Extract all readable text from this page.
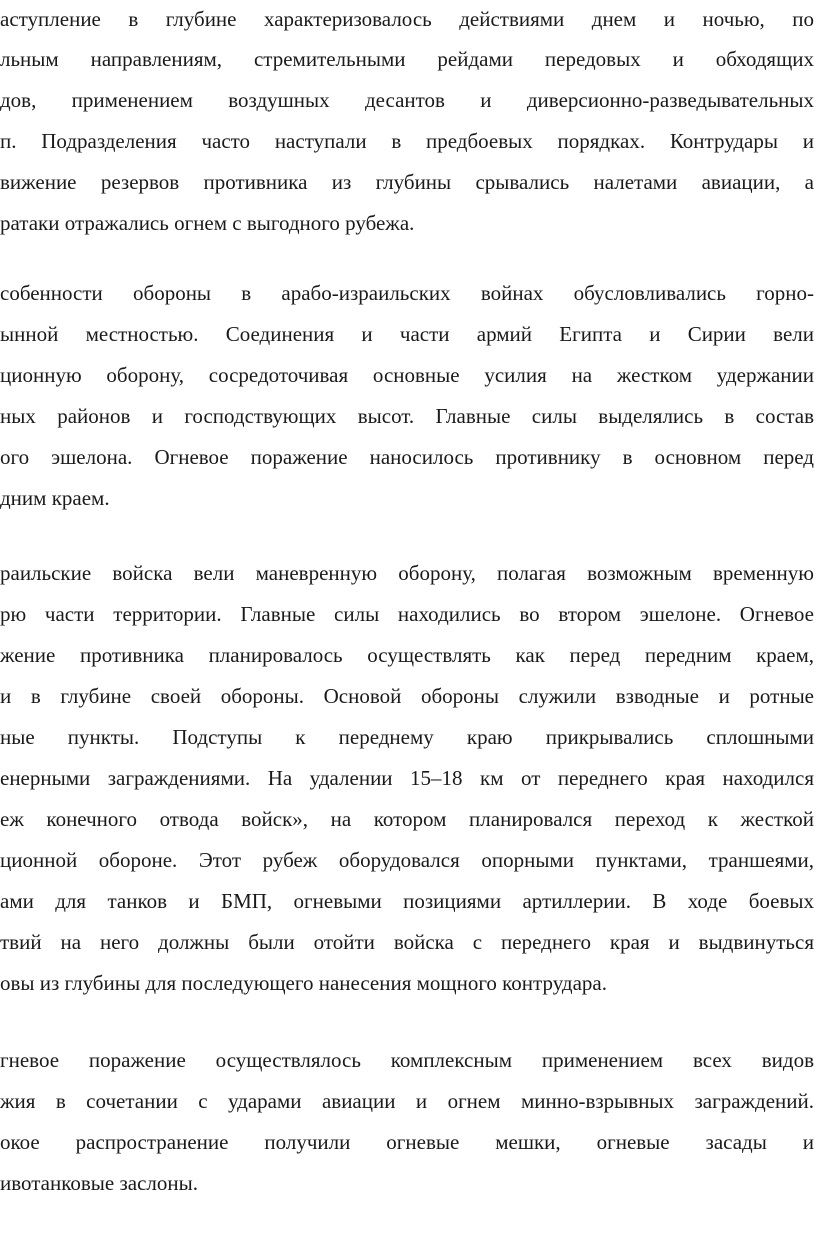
аступление в глубине характеризовалось действиями днем и ночью, по
льным направлениям, стремительными рейдами передовых и обходящих
дов, применением воздушных десантов и диверсионно-разведывательных
п. Подразделения часто наступали в предбоевых порядках. Контрудары и
вижение резервов противника из глубины срывались налетами авиации, а
ратаки отражались огнем с выгодного рубежа.
собенности обороны в арабо-израильских войнах обусловливались горно-
ынной местностью. Соединения и части армий Египта и Сирии вели
ционную оборону, сосредоточивая основные усилия на жестком удержании
ных районов и господствующих высот. Главные силы выделялись в состав
ого эшелона. Огневое поражение наносилось противнику в основном перед
дним краем.
раильские войска вели маневренную оборону, полагая возможным временную
рю части территории. Главные силы находились во втором эшелоне. Огневое
жение противника планировалось осуществлять как перед передним краем,
и в глубине своей обороны. Основой обороны служили взводные и ротные
ные пункты. Подступы к переднему краю прикрывались сплошными
енерными заграждениями. На удалении 15–18 км от переднего края находился
еж конечного отвода войск», на котором планировался переход к жесткой
ционной обороне. Этот рубеж оборудовался опорными пунктами, траншеями,
ами для танков и БМП, огневыми позициями артиллерии. В ходе боевых
твий на него должны были отойти войска с переднего края и выдвинуться
овы из глубины для последующего нанесения мощного контрудара.
гневое поражение осуществлялось комплексным применением всех видов
жия в сочетании с ударами авиации и огнем минно-взрывных заграждений.
окое распространение получили огневые мешки, огневые засады и
ивотанковые заслоны.
